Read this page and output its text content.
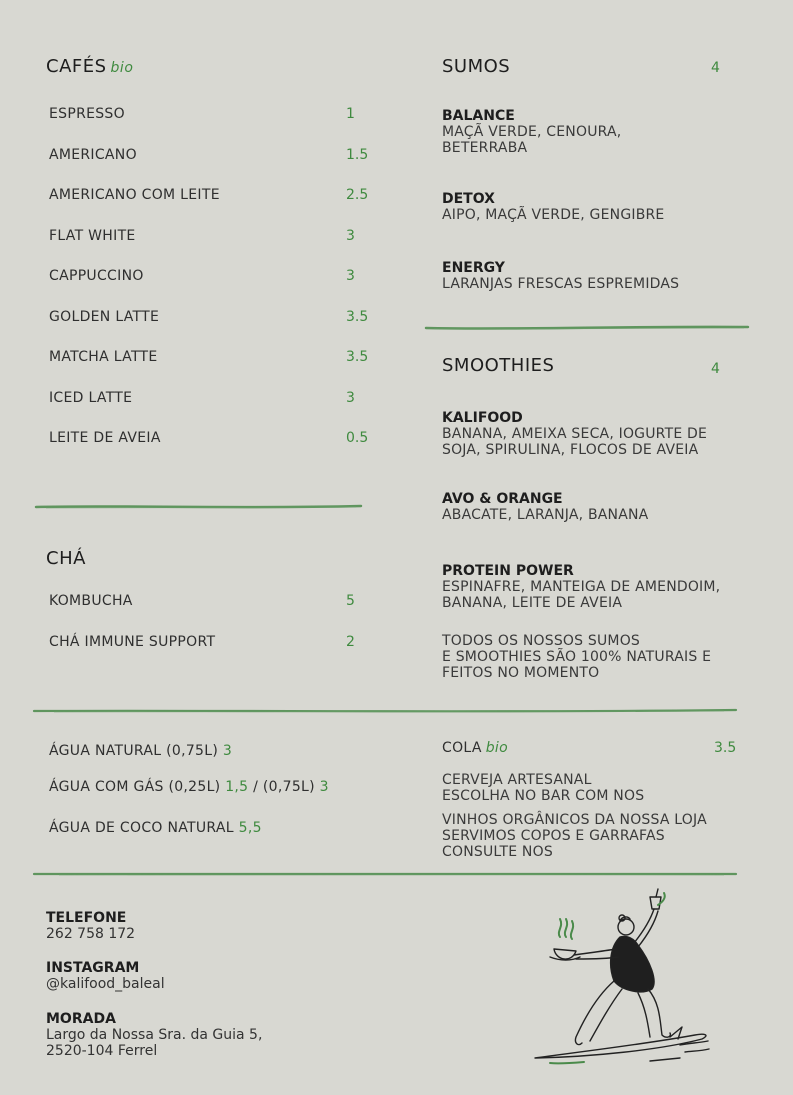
CAFÉS bio
ESPRESSO	1
AMERICANO	1.5
AMERICANO COM LEITE	2.5
FLAT WHITE	3
CAPPUCCINO	3
GOLDEN LATTE	3.5
MATCHA LATTE	3.5
ICED LATTE	3
LEITE DE AVEIA	0.5
CHÁ
KOMBUCHA	5
CHÁ IMMUNE SUPPORT	2
SUMOS	4
BALANCE
MAÇÃ VERDE, CENOURA,
BETERRABA
DETOX
AIPO, MAÇÃ VERDE, GENGIBRE
ENERGY
LARANJAS FRESCAS ESPREMIDAS
SMOOTHIES	4
KALIFOOD
BANANA, AMEIXA SECA, IOGURTE DE
SOJA, SPIRULINA, FLOCOS DE AVEIA
AVO & ORANGE
ABACATE, LARANJA, BANANA
PROTEIN POWER
ESPINAFRE, MANTEIGA DE AMENDOIM,
BANANA, LEITE DE AVEIA
TODOS OS NOSSOS SUMOS
E SMOOTHIES SÃO 100% NATURAIS E
FEITOS NO MOMENTO
ÁGUA NATURAL (0,75L) 3
ÁGUA COM GÁS (0,25L) 1,5 / (0,75L) 3
ÁGUA DE COCO NATURAL 5,5
COLA bio	3.5
CERVEJA ARTESANAL
ESCOLHA NO BAR COM NOS
VINHOS ORGÂNICOS DA NOSSA LOJA
SERVIMOS COPOS E GARRAFAS
CONSULTE NOS
TELEFONE
262 758 172
INSTAGRAM
@kalifood_baleal
MORADA
Largo da Nossa Sra. da Guia 5,
2520-104 Ferrel
